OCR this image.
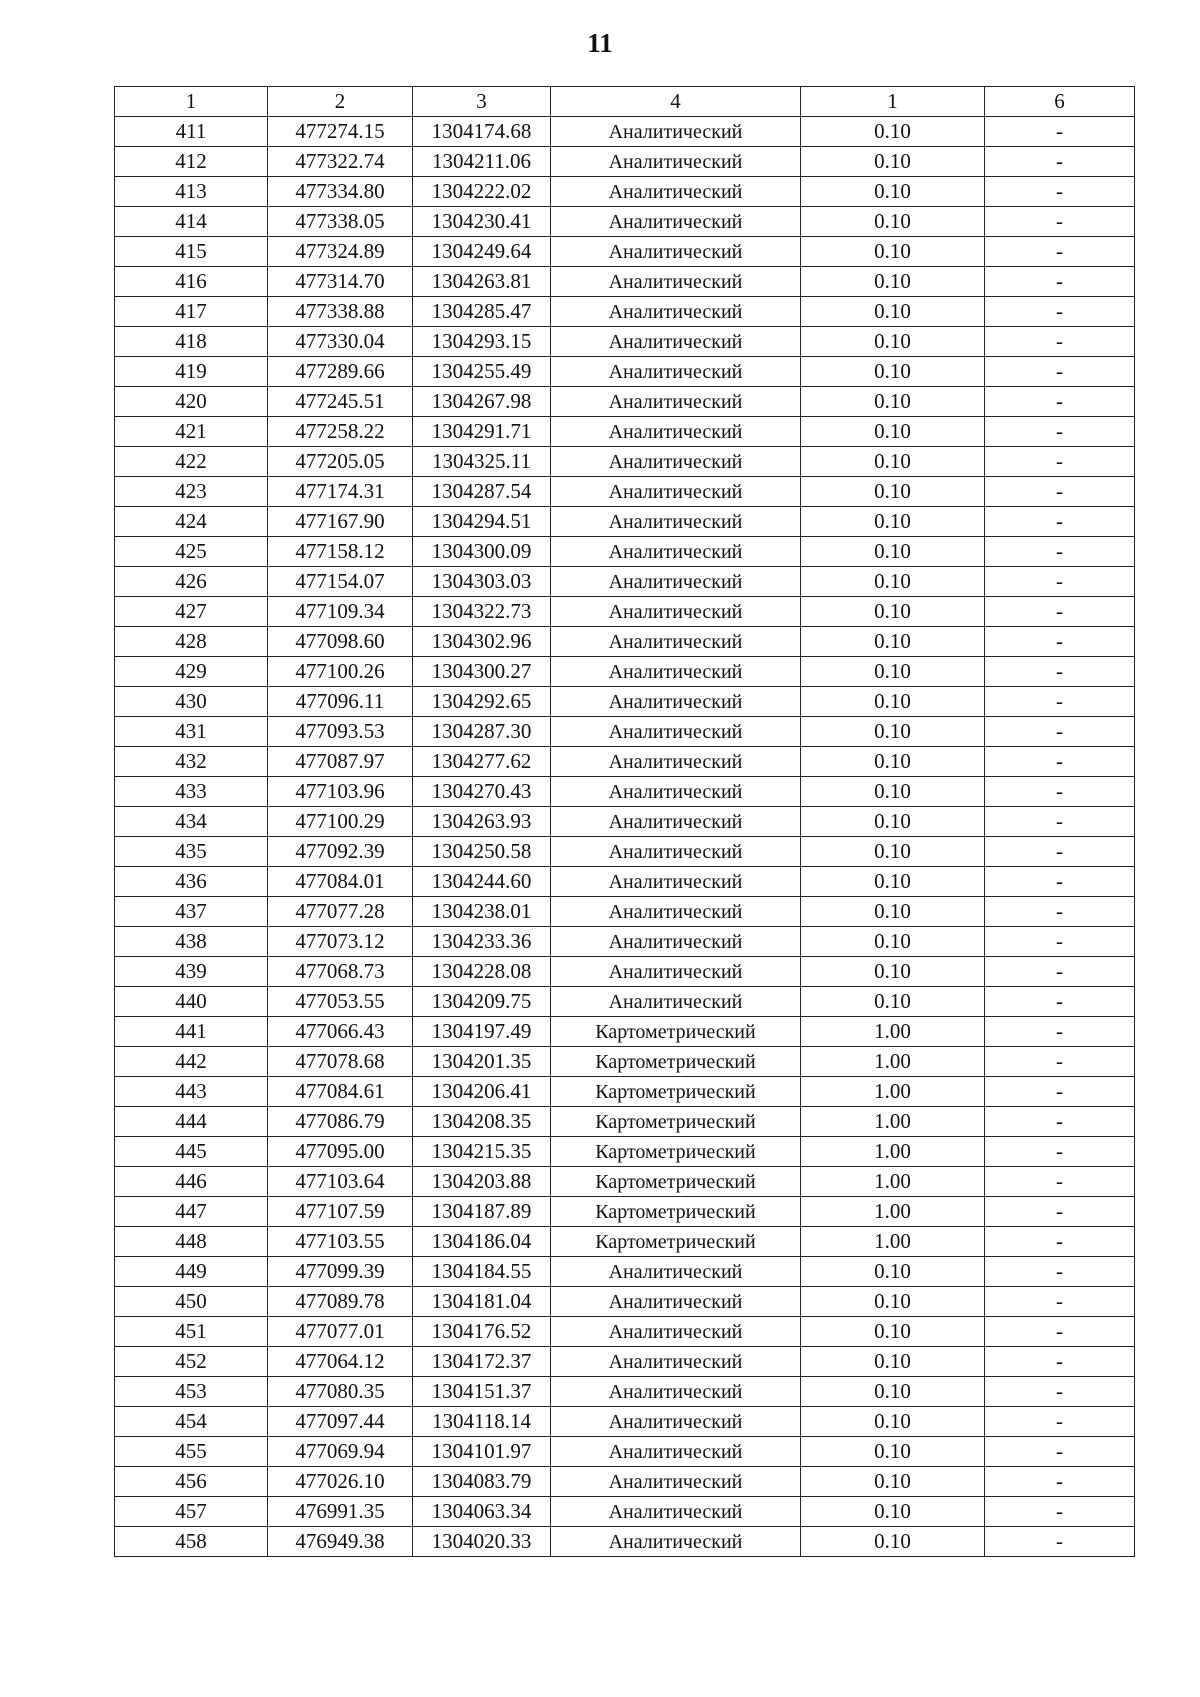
11
1	2	3	4	1	6
411	477274.15	1304174.68	Аналитический	0.10	-
412	477322.74	1304211.06	Аналитический	0.10	-
413	477334.80	1304222.02	Аналитический	0.10	-
414	477338.05	1304230.41	Аналитический	0.10	-
415	477324.89	1304249.64	Аналитический	0.10	-
416	477314.70	1304263.81	Аналитический	0.10	-
417	477338.88	1304285.47	Аналитический	0.10	-
418	477330.04	1304293.15	Аналитический	0.10	-
419	477289.66	1304255.49	Аналитический	0.10	-
420	477245.51	1304267.98	Аналитический	0.10	-
421	477258.22	1304291.71	Аналитический	0.10	-
422	477205.05	1304325.11	Аналитический	0.10	-
423	477174.31	1304287.54	Аналитический	0.10	-
424	477167.90	1304294.51	Аналитический	0.10	-
425	477158.12	1304300.09	Аналитический	0.10	-
426	477154.07	1304303.03	Аналитический	0.10	-
427	477109.34	1304322.73	Аналитический	0.10	-
428	477098.60	1304302.96	Аналитический	0.10	-
429	477100.26	1304300.27	Аналитический	0.10	-
430	477096.11	1304292.65	Аналитический	0.10	-
431	477093.53	1304287.30	Аналитический	0.10	-
432	477087.97	1304277.62	Аналитический	0.10	-
433	477103.96	1304270.43	Аналитический	0.10	-
434	477100.29	1304263.93	Аналитический	0.10	-
435	477092.39	1304250.58	Аналитический	0.10	-
436	477084.01	1304244.60	Аналитический	0.10	-
437	477077.28	1304238.01	Аналитический	0.10	-
438	477073.12	1304233.36	Аналитический	0.10	-
439	477068.73	1304228.08	Аналитический	0.10	-
440	477053.55	1304209.75	Аналитический	0.10	-
441	477066.43	1304197.49	Картометрический	1.00	-
442	477078.68	1304201.35	Картометрический	1.00	-
443	477084.61	1304206.41	Картометрический	1.00	-
444	477086.79	1304208.35	Картометрический	1.00	-
445	477095.00	1304215.35	Картометрический	1.00	-
446	477103.64	1304203.88	Картометрический	1.00	-
447	477107.59	1304187.89	Картометрический	1.00	-
448	477103.55	1304186.04	Картометрический	1.00	-
449	477099.39	1304184.55	Аналитический	0.10	-
450	477089.78	1304181.04	Аналитический	0.10	-
451	477077.01	1304176.52	Аналитический	0.10	-
452	477064.12	1304172.37	Аналитический	0.10	-
453	477080.35	1304151.37	Аналитический	0.10	-
454	477097.44	1304118.14	Аналитический	0.10	-
455	477069.94	1304101.97	Аналитический	0.10	-
456	477026.10	1304083.79	Аналитический	0.10	-
457	476991.35	1304063.34	Аналитический	0.10	-
458	476949.38	1304020.33	Аналитический	0.10	-
